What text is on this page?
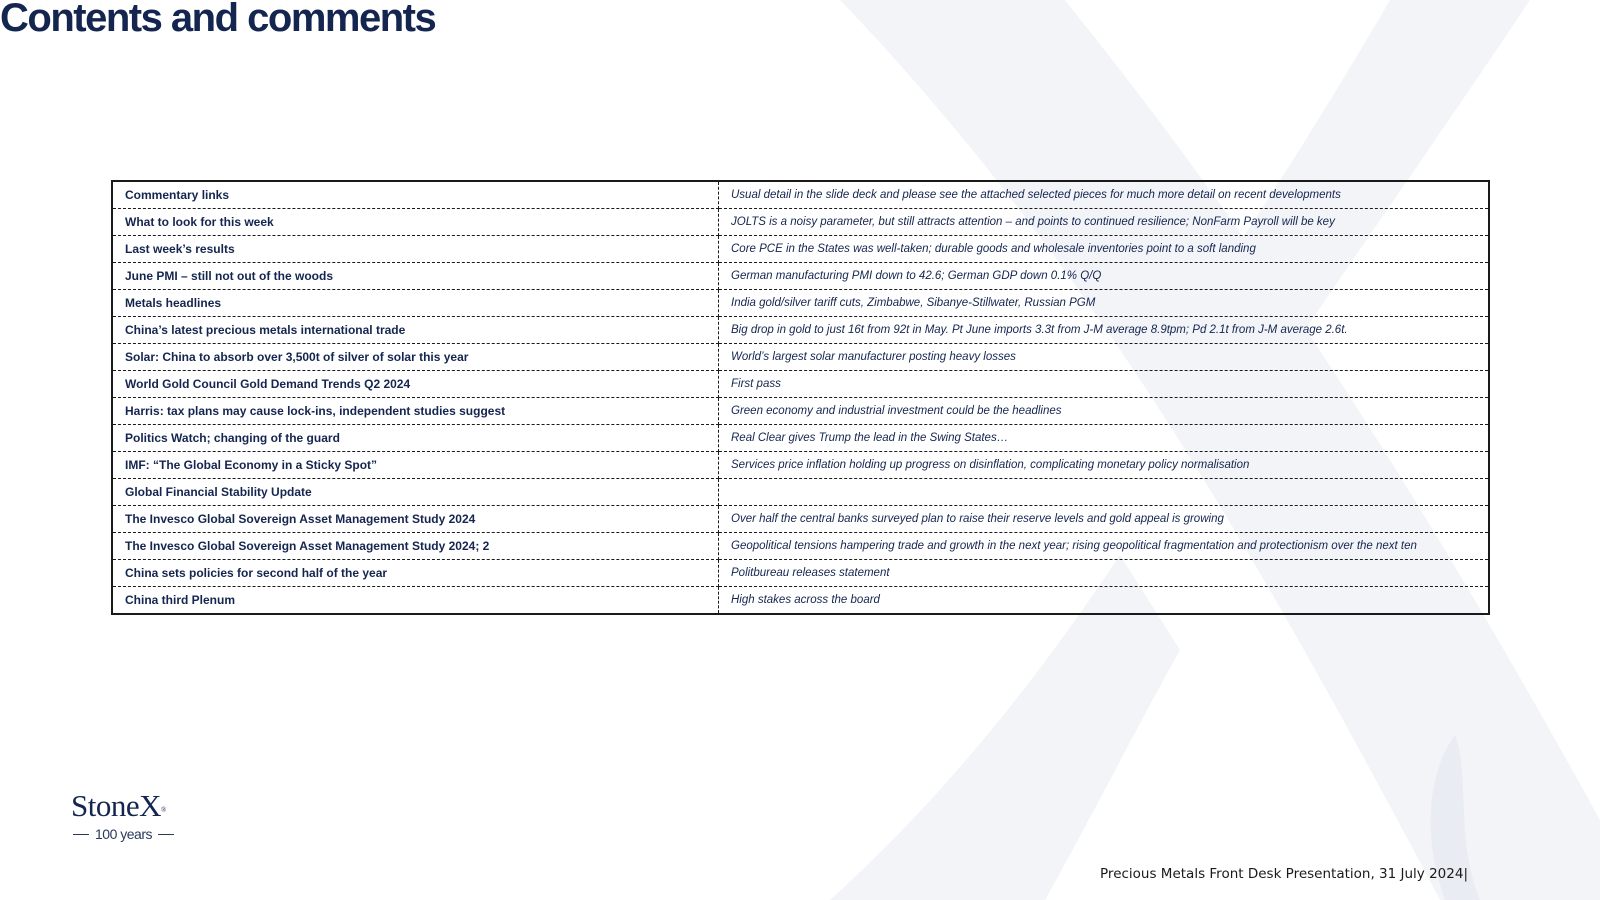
Contents and comments
Commentary links	Usual detail in the slide deck and please see the attached selected pieces for much more detail on recent developments
What to look for this week	JOLTS is a noisy parameter, but still attracts attention – and points to continued resilience; NonFarm Payroll will be key
Last week’s results	Core PCE in the States was well-taken; durable goods and wholesale inventories point to a soft landing
June PMI – still not out of the woods	German manufacturing PMI down to 42.6; German GDP down 0.1% Q/Q
Metals headlines	India gold/silver tariff cuts, Zimbabwe, Sibanye-Stillwater, Russian PGM
China’s latest precious metals international trade	Big drop in gold to just 16t from 92t in May. Pt June imports 3.3t from J-M average 8.9tpm; Pd 2.1t from J-M average 2.6t.
Solar: China to absorb over 3,500t of silver of solar this year	World’s largest solar manufacturer posting heavy losses
World Gold Council Gold Demand Trends Q2 2024	First pass
Harris: tax plans may cause lock-ins, independent studies suggest	Green economy and industrial investment could be the headlines
Politics Watch; changing of the guard	Real Clear gives Trump the lead in the Swing States…
IMF: “The Global Economy in a Sticky Spot”	Services price inflation holding up progress on disinflation, complicating monetary policy normalisation
Global Financial Stability Update	
The Invesco Global Sovereign Asset Management Study 2024	Over half the central banks surveyed plan to raise their reserve levels and gold appeal is growing
The Invesco Global Sovereign Asset Management Study 2024; 2	Geopolitical tensions hampering trade and growth in the next year; rising geopolitical fragmentation and protectionism over the next ten
China sets policies for second half of the year	Politbureau releases statement
China third Plenum	High stakes across the board
StoneX®
100 years
Precious Metals Front Desk Presentation, 31 July 2024|
